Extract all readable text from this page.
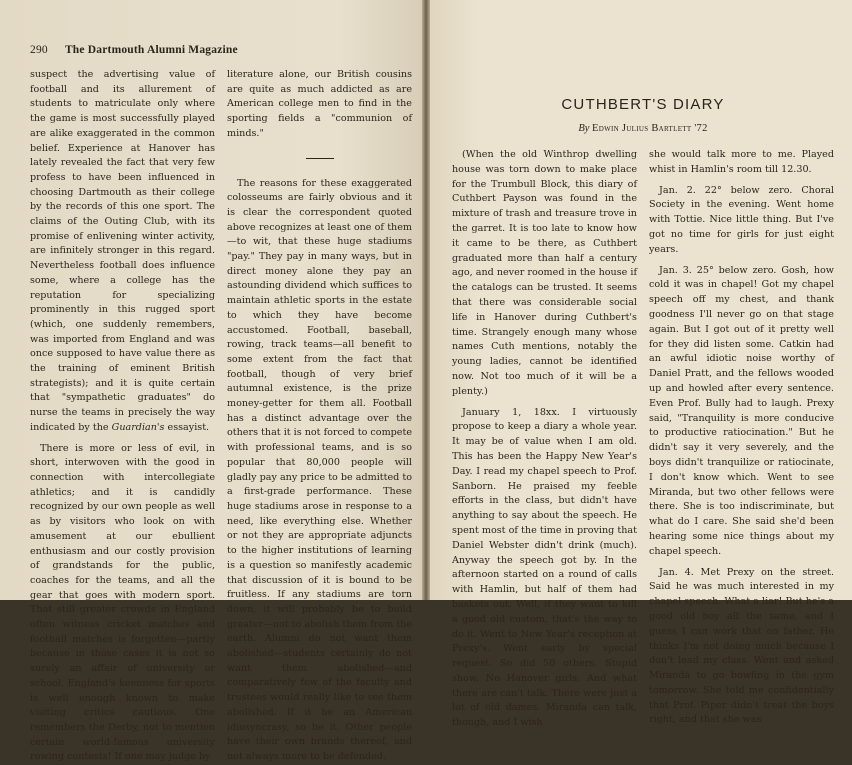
290 The Dartmouth Alumni Magazine

suspect the advertising value of football and its allurement of students to matriculate only where the game is most successfully played are alike exaggerated in the common belief. Experience at Hanover has lately revealed the fact that very few profess to have been influenced in choosing Dartmouth as their college by the records of this one sport. The claims of the Outing Club, with its promise of enlivening winter activity, are infinitely stronger in this regard. Nevertheless football does influence some, where a college has the reputation for specializing prominently in this rugged sport (which, one suddenly remembers, was imported from England and was once supposed to have value there as the training of eminent British strategists); and it is quite certain that "sympathetic graduates" do nurse the teams in precisely the way indicated by the Guardian's essayist.

There is more or less of evil, in short, interwoven with the good in connection with intercollegiate athletics; and it is candidly recognized by our own people as well as by visitors who look on with amusement at our ebullient enthusiasm and our costly provision of grandstands for the public, coaches for the teams, and all the gear that goes with modern sport. That still greater crowds in England often witness cricket matches and football matches is forgotten—partly because in those cases it is not so surely an affair of university or school. England's keenness for sports is well enough known to make visiting critics cautious. One remembers the Derby, not to mention certain world-famous university rowing contests! If one may judge by

literature alone, our British cousins are quite as much addicted as are American college men to find in the sporting fields a "communion of minds."

The reasons for these exaggerated colosseums are fairly obvious and it is clear the correspondent quoted above recognizes at least one of them—to wit, that these huge stadiums "pay." They pay in many ways, but in direct money alone they pay an astounding dividend which suffices to maintain athletic sports in the estate to which they have become accustomed. Football, baseball, rowing, track teams—all benefit to some extent from the fact that football, though of very brief autumnal existence, is the prize money-getter for them all. Football has a distinct advantage over the others that it is not forced to compete with professional teams, and is so popular that 80,000 people will gladly pay any price to be admitted to a first-grade performance. These huge stadiums arose in response to a need, like everything else. Whether or not they are appropriate adjuncts to the higher institutions of learning is a question so manifestly academic that discussion of it is bound to be fruitless. If any stadiums are torn down, it will probably be to build greater—not to abolish them from the earth. Alumni do not want them abolished—students certainly do not want them abolished—and comparatively few of the faculty and trustees would really like to see them abolished. If it be an American idiosyncrasy, so be it. Other people have their own brands thereof, and not always more to be defended.

CUTHBERT'S DIARY
By Edwin Julius Bartlett '72

(When the old Winthrop dwelling house was torn down to make place for the Trumbull Block, this diary of Cuthbert Payson was found in the mixture of trash and treasure trove in the garret. It is too late to know how it came to be there, as Cuthbert graduated more than half a century ago, and never roomed in the house if the catalogs can be trusted. It seems that there was considerable social life in Hanover during Cuthbert's time. Strangely enough many whose names Cuth mentions, notably the young ladies, cannot be identified now. Not too much of it will be a plenty.)

January 1, 18xx. I virtuously propose to keep a diary a whole year. It may be of value when I am old. This has been the Happy New Year's Day. I read my chapel speech to Prof. Sanborn. He praised my feeble efforts in the class, but didn't have anything to say about the speech. He spent most of the time in proving that Daniel Webster didn't drink (much). Anyway the speech got by. In the afternoon started on a round of calls with Hamlin, but half of them had baskets out. Well, if they want to kill a good old custom, that's the way to do it. Went to New Year's reception at Prexy's. Went early by special request. So did 50 others. Stupid show. No Hanover girls. And what there are can't talk. There were just a lot of old dames. Miranda can talk, though, and I wish

she would talk more to me. Played whist in Hamlin's room till 12.30.

Jan. 2. 22° below zero. Choral Society in the evening. Went home with Tottie. Nice little thing. But I've got no time for girls for just eight years.

Jan. 3. 25° below zero. Gosh, how cold it was in chapel! Got my chapel speech off my chest, and thank goodness I'll never go on that stage again. But I got out of it pretty well for they did listen some. Catkin had an awful idiotic noise worthy of Daniel Pratt, and the fellows wooded up and howled after every sentence. Even Prof. Bully had to laugh. Prexy said, "Tranquility is more conducive to productive ratiocination." But he didn't say it very severely, and the boys didn't tranquilize or ratiocinate, I don't know which. Went to see Miranda, but two other fellows were there. She is too indiscriminate, but what do I care. She said she'd been hearing some nice things about my chapel speech.

Jan. 4. Met Prexy on the street. Said he was much interested in my chapel speech. What a liar! But he's a good old boy all the same, and I guess I can work that on father. He thinks I'm not doing much because I don't lead my class. Went and asked Miranda to go bowling in the gym tomorrow. She told me confidentially that Prof. Piper didn't treat the boys right, and that she was
